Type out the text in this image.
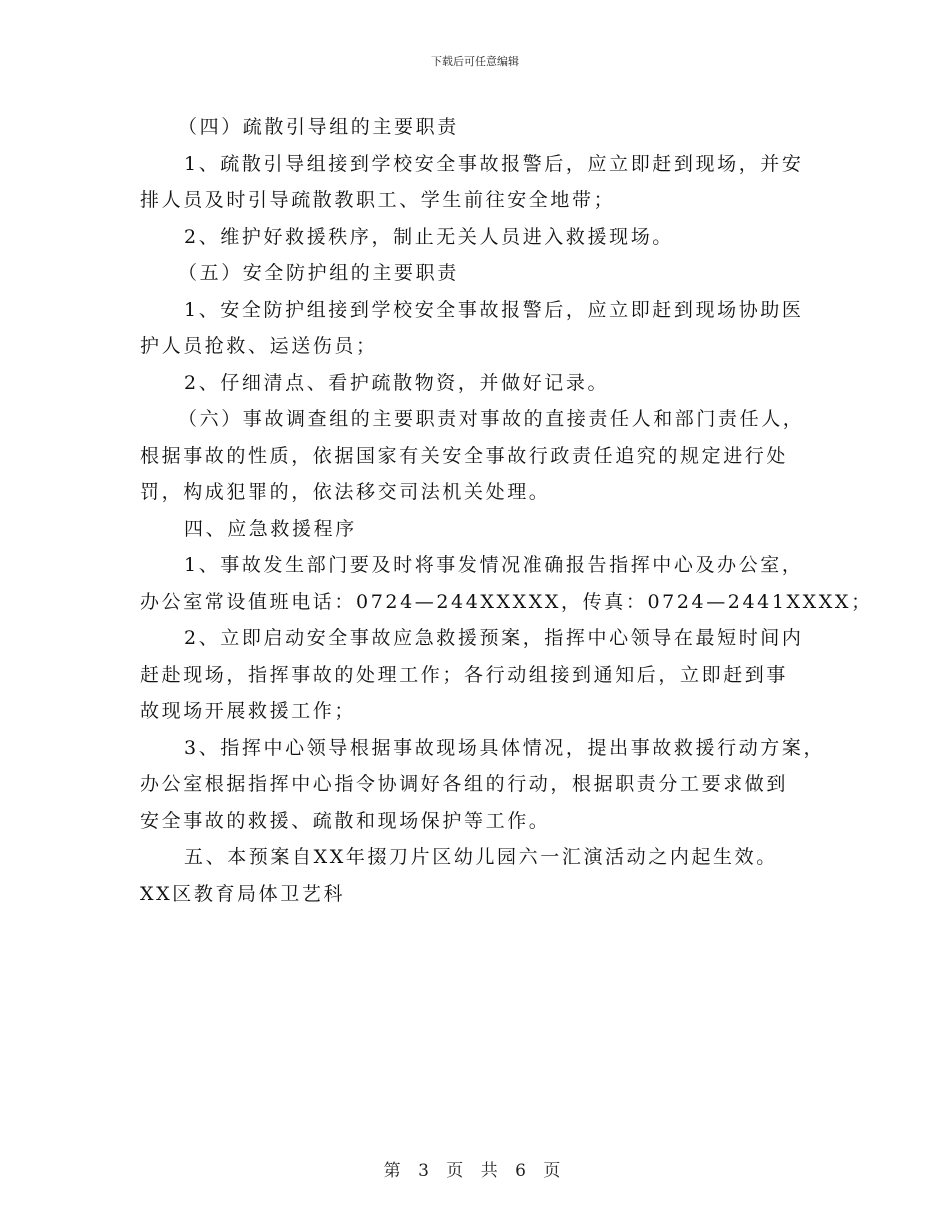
下载后可任意编辑

（四）疏散引导组的主要职责

1、疏散引导组接到学校安全事故报警后，应立即赶到现场，并安

排人员及时引导疏散教职工、学生前往安全地带；

2、维护好救援秩序，制止无关人员进入救援现场。

（五）安全防护组的主要职责

1、安全防护组接到学校安全事故报警后，应立即赶到现场协助医

护人员抢救、运送伤员；

2、仔细清点、看护疏散物资，并做好记录。

（六）事故调查组的主要职责对事故的直接责任人和部门责任人，

根据事故的性质，依据国家有关安全事故行政责任追究的规定进行处

罚，构成犯罪的，依法移交司法机关处理。

四、应急救援程序

1、事故发生部门要及时将事发情况准确报告指挥中心及办公室，

办公室常设值班电话：0724—244XXXXX，传真：0724—2441XXXX；

2、立即启动安全事故应急救援预案，指挥中心领导在最短时间内

赶赴现场，指挥事故的处理工作；各行动组接到通知后，立即赶到事

故现场开展救援工作；

3、指挥中心领导根据事故现场具体情况，提出事故救援行动方案，

办公室根据指挥中心指令协调好各组的行动，根据职责分工要求做到

安全事故的救援、疏散和现场保护等工作。

五、本预案自XX年掇刀片区幼儿园六一汇演活动之内起生效。

XX区教育局体卫艺科

第 3 页 共 6 页
